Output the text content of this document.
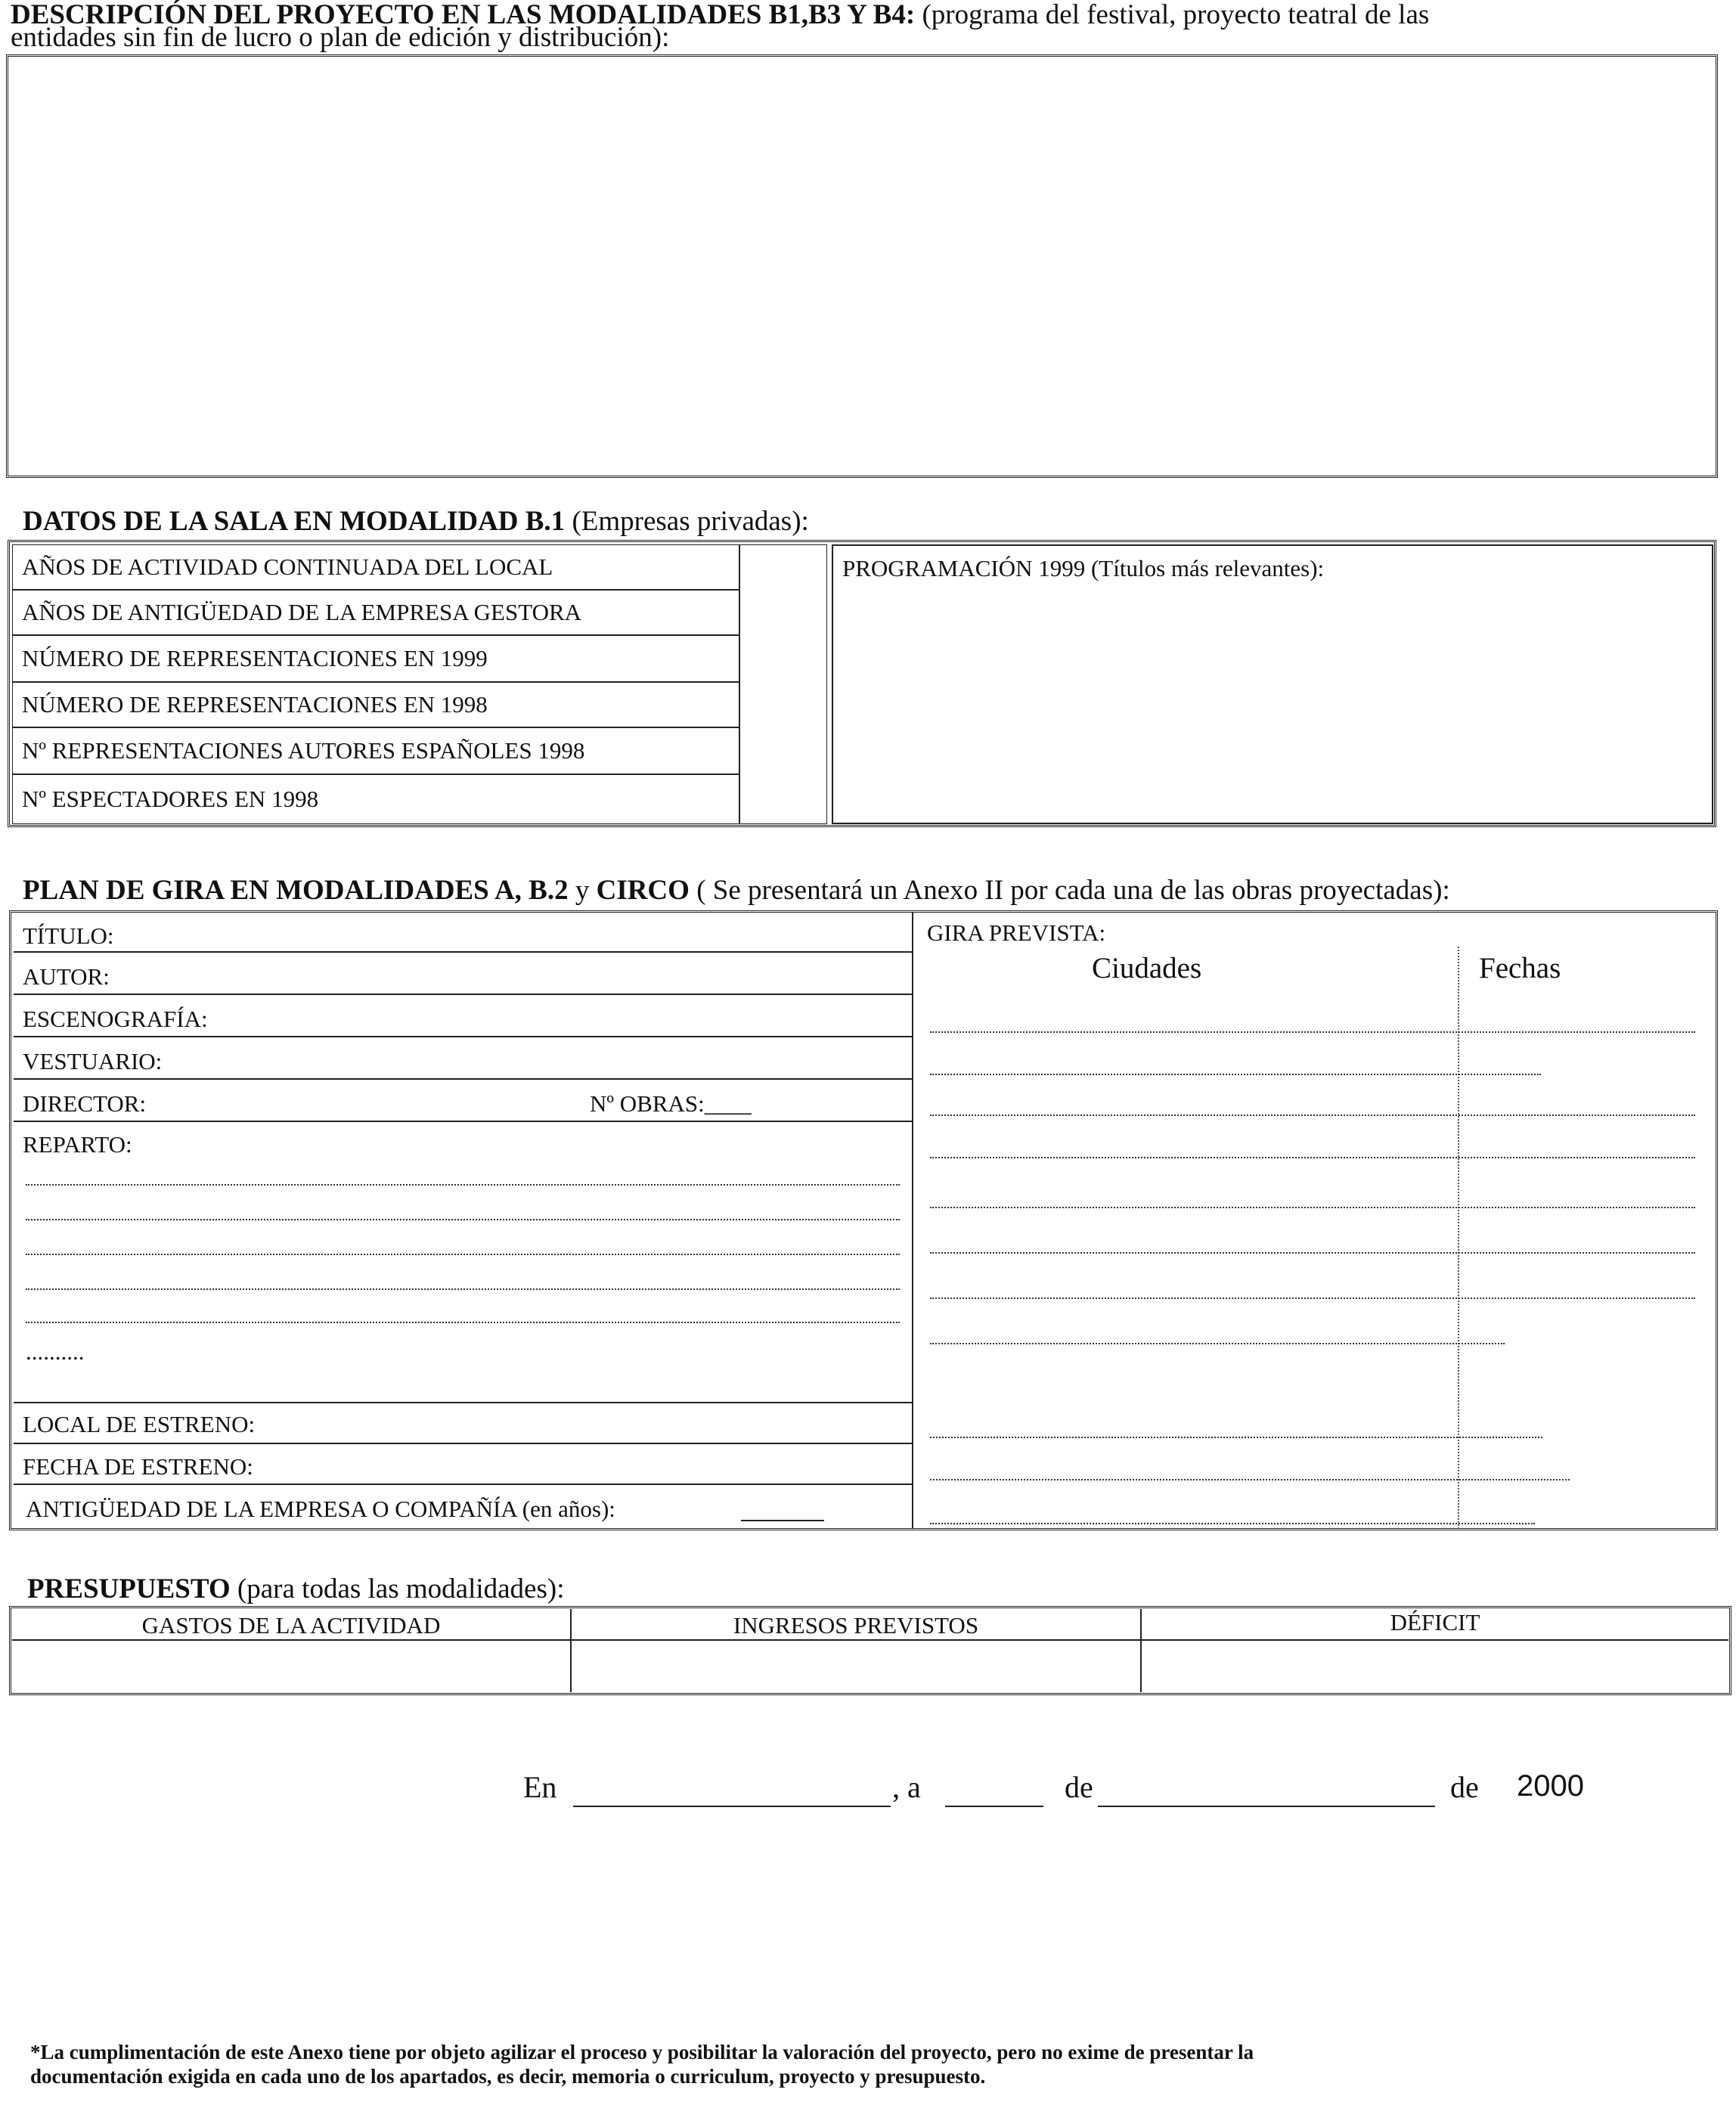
DESCRIPCIÓN DEL PROYECTO EN LAS MODALIDADES B1,B3 Y B4: (programa del festival, proyecto teatral de las
entidades sin fin de lucro o plan de edición y distribución):
DATOS DE LA SALA EN MODALIDAD B.1 (Empresas privadas):
AÑOS DE ACTIVIDAD CONTINUADA DEL LOCAL
AÑOS DE ANTIGÜEDAD DE LA EMPRESA GESTORA
NÚMERO DE REPRESENTACIONES EN 1999
NÚMERO DE REPRESENTACIONES EN 1998
Nº REPRESENTACIONES AUTORES ESPAÑOLES 1998
Nº ESPECTADORES EN 1998
PROGRAMACIÓN 1999 (Títulos más relevantes):
PLAN DE GIRA EN MODALIDADES A, B.2 y CIRCO ( Se presentará un Anexo II por cada una de las obras proyectadas):
TÍTULO:
AUTOR:
ESCENOGRAFÍA:
VESTUARIO:
DIRECTOR:	Nº OBRAS:____
REPARTO:
..........
LOCAL DE ESTRENO:
FECHA DE ESTRENO:
ANTIGÜEDAD DE LA EMPRESA O COMPAÑÍA (en años):
GIRA PREVISTA:
Ciudades	Fechas
PRESUPUESTO (para todas las modalidades):
GASTOS DE LA ACTIVIDAD	INGRESOS PREVISTOS	DÉFICIT
En	, a	de	de 2000
*La cumplimentación de este Anexo tiene por objeto agilizar el proceso y posibilitar la valoración del proyecto, pero no exime de presentar la
documentación exigida en cada uno de los apartados, es decir, memoria o curriculum, proyecto y presupuesto.
